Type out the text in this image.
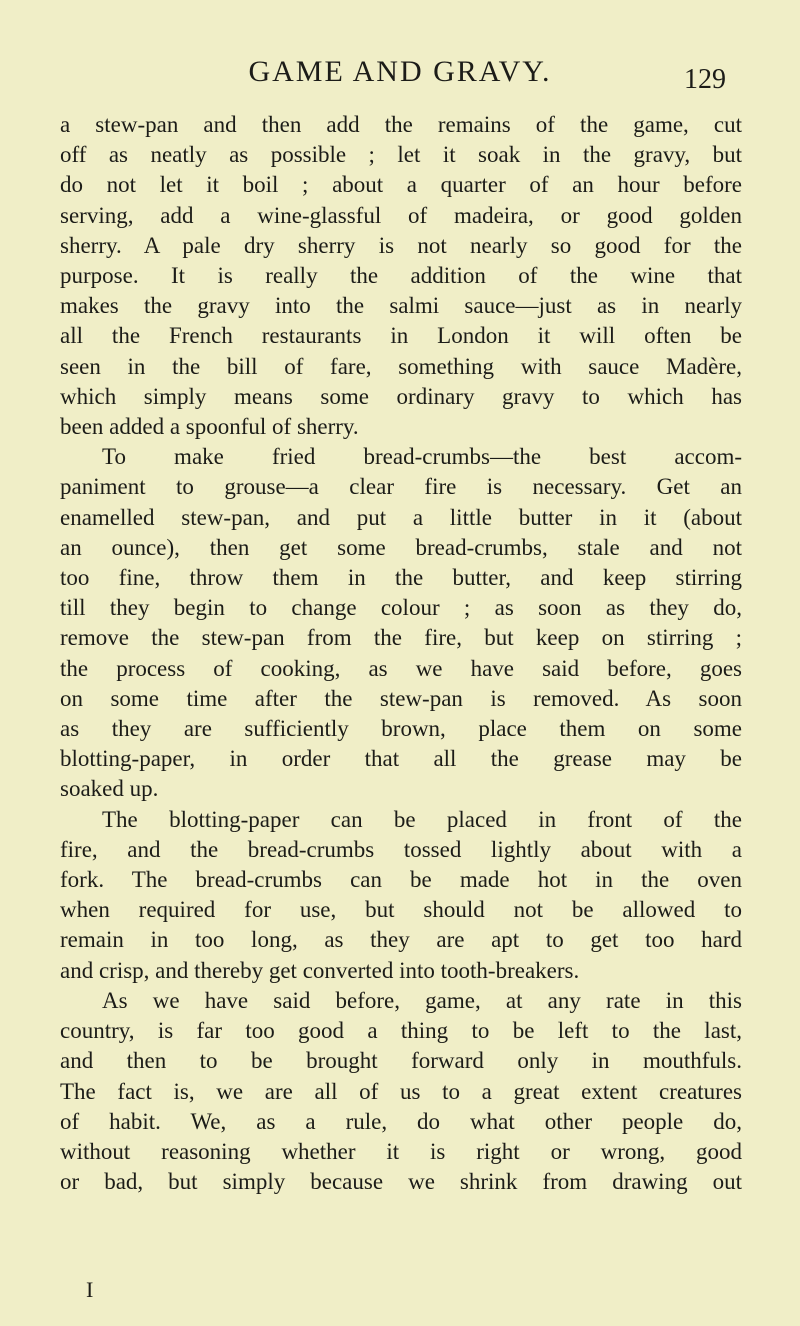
GAME AND GRAVY.	129

a stew-pan and then add the remains of the game, cut

off as neatly as possible ; let it soak in the gravy, but

do not let it boil ; about a quarter of an hour before

serving, add a wine-glassful of madeira, or good golden

sherry. A pale dry sherry is not nearly so good for the

purpose. It is really the addition of the wine that

makes the gravy into the salmi sauce—just as in nearly

all the French restaurants in London it will often be

seen in the bill of fare, something with sauce Madère,

which simply means some ordinary gravy to which has

been added a spoonful of sherry.

To make fried bread-crumbs—the best accom-

paniment to grouse—a clear fire is necessary. Get an

enamelled stew-pan, and put a little butter in it (about

an ounce), then get some bread-crumbs, stale and not

too fine, throw them in the butter, and keep stirring

till they begin to change colour ; as soon as they do,

remove the stew-pan from the fire, but keep on stirring ;

the process of cooking, as we have said before, goes

on some time after the stew-pan is removed. As soon

as they are sufficiently brown, place them on some

blotting-paper, in order that all the grease may be

soaked up.

The blotting-paper can be placed in front of the

fire, and the bread-crumbs tossed lightly about with a

fork. The bread-crumbs can be made hot in the oven

when required for use, but should not be allowed to

remain in too long, as they are apt to get too hard

and crisp, and thereby get converted into tooth-breakers.

As we have said before, game, at any rate in this

country, is far too good a thing to be left to the last,

and then to be brought forward only in mouthfuls.

The fact is, we are all of us to a great extent creatures

of habit. We, as a rule, do what other people do,

without reasoning whether it is right or wrong, good

or bad, but simply because we shrink from drawing out

I
